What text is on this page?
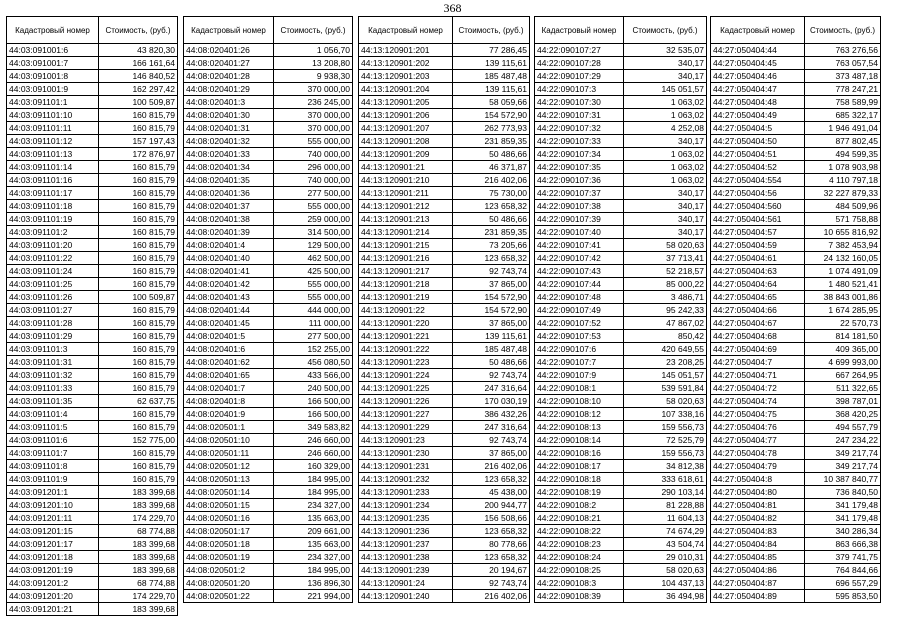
368
Кадастровый номер	Стоимость, (руб.)
44:03:091001:6	43 820,30
44:03:091001:7	166 161,64
44:03:091001:8	146 840,52
44:03:091001:9	162 297,42
44:03:091101:1	100 509,87
44:03:091101:10	160 815,79
44:03:091101:11	160 815,79
44:03:091101:12	157 197,43
44:03:091101:13	172 876,97
44:03:091101:14	160 815,79
44:03:091101:16	160 815,79
44:03:091101:17	160 815,79
44:03:091101:18	160 815,79
44:03:091101:19	160 815,79
44:03:091101:2	160 815,79
44:03:091101:20	160 815,79
44:03:091101:22	160 815,79
44:03:091101:24	160 815,79
44:03:091101:25	160 815,79
44:03:091101:26	100 509,87
44:03:091101:27	160 815,79
44:03:091101:28	160 815,79
44:03:091101:29	160 815,79
44:03:091101:3	160 815,79
44:03:091101:31	160 815,79
44:03:091101:32	160 815,79
44:03:091101:33	160 815,79
44:03:091101:35	62 637,75
44:03:091101:4	160 815,79
44:03:091101:5	160 815,79
44:03:091101:6	152 775,00
44:03:091101:7	160 815,79
44:03:091101:8	160 815,79
44:03:091101:9	160 815,79
44:03:091201:1	183 399,68
44:03:091201:10	183 399,68
44:03:091201:11	174 229,70
44:03:091201:15	68 774,88
44:03:091201:17	183 399,68
44:03:091201:18	183 399,68
44:03:091201:19	183 399,68
44:03:091201:2	68 774,88
44:03:091201:20	174 229,70
44:03:091201:21	183 399,68
Кадастровый номер	Стоимость, (руб.)
44:08:020401:26	1 056,70
44:08:020401:27	13 208,80
44:08:020401:28	9 938,30
44:08:020401:29	370 000,00
44:08:020401:3	236 245,00
44:08:020401:30	370 000,00
44:08:020401:31	370 000,00
44:08:020401:32	555 000,00
44:08:020401:33	740 000,00
44:08:020401:34	296 000,00
44:08:020401:35	740 000,00
44:08:020401:36	277 500,00
44:08:020401:37	555 000,00
44:08:020401:38	259 000,00
44:08:020401:39	314 500,00
44:08:020401:4	129 500,00
44:08:020401:40	462 500,00
44:08:020401:41	425 500,00
44:08:020401:42	555 000,00
44:08:020401:43	555 000,00
44:08:020401:44	444 000,00
44:08:020401:45	111 000,00
44:08:020401:5	277 500,00
44:08:020401:6	152 255,00
44:08:020401:62	456 080,50
44:08:020401:65	433 566,00
44:08:020401:7	240 500,00
44:08:020401:8	166 500,00
44:08:020401:9	166 500,00
44:08:020501:1	349 583,82
44:08:020501:10	246 660,00
44:08:020501:11	246 660,00
44:08:020501:12	160 329,00
44:08:020501:13	184 995,00
44:08:020501:14	184 995,00
44:08:020501:15	234 327,00
44:08:020501:16	135 663,00
44:08:020501:17	209 661,00
44:08:020501:18	135 663,00
44:08:020501:19	234 327,00
44:08:020501:2	184 995,00
44:08:020501:20	136 896,30
44:08:020501:22	221 994,00
Кадастровый номер	Стоимость, (руб.)
44:13:120901:201	77 286,45
44:13:120901:202	139 115,61
44:13:120901:203	185 487,48
44:13:120901:204	139 115,61
44:13:120901:205	58 059,66
44:13:120901:206	154 572,90
44:13:120901:207	262 773,93
44:13:120901:208	231 859,35
44:13:120901:209	50 486,66
44:13:120901:21	46 371,87
44:13:120901:210	216 402,06
44:13:120901:211	75 730,00
44:13:120901:212	123 658,32
44:13:120901:213	50 486,66
44:13:120901:214	231 859,35
44:13:120901:215	73 205,66
44:13:120901:216	123 658,32
44:13:120901:217	92 743,74
44:13:120901:218	37 865,00
44:13:120901:219	154 572,90
44:13:120901:22	154 572,90
44:13:120901:220	37 865,00
44:13:120901:221	139 115,61
44:13:120901:222	185 487,48
44:13:120901:223	50 486,66
44:13:120901:224	92 743,74
44:13:120901:225	247 316,64
44:13:120901:226	170 030,19
44:13:120901:227	386 432,26
44:13:120901:229	247 316,64
44:13:120901:23	92 743,74
44:13:120901:230	37 865,00
44:13:120901:231	216 402,06
44:13:120901:232	123 658,32
44:13:120901:233	45 438,00
44:13:120901:234	200 944,77
44:13:120901:235	156 508,66
44:13:120901:236	123 658,32
44:13:120901:237	80 778,66
44:13:120901:238	123 658,32
44:13:120901:239	20 194,67
44:13:120901:24	92 743,74
44:13:120901:240	216 402,06
Кадастровый номер	Стоимость, (руб.)
44:22:090107:27	32 535,07
44:22:090107:28	340,17
44:22:090107:29	340,17
44:22:090107:3	145 051,57
44:22:090107:30	1 063,02
44:22:090107:31	1 063,02
44:22:090107:32	4 252,08
44:22:090107:33	340,17
44:22:090107:34	1 063,02
44:22:090107:35	1 063,02
44:22:090107:36	1 063,02
44:22:090107:37	340,17
44:22:090107:38	340,17
44:22:090107:39	340,17
44:22:090107:40	340,17
44:22:090107:41	58 020,63
44:22:090107:42	37 713,41
44:22:090107:43	52 218,57
44:22:090107:44	85 000,22
44:22:090107:48	3 486,71
44:22:090107:49	95 242,33
44:22:090107:52	47 867,02
44:22:090107:53	850,42
44:22:090107:6	420 649,55
44:22:090107:7	23 208,25
44:22:090107:9	145 051,57
44:22:090108:1	539 591,84
44:22:090108:10	58 020,63
44:22:090108:12	107 338,16
44:22:090108:13	159 556,73
44:22:090108:14	72 525,79
44:22:090108:16	159 556,73
44:22:090108:17	34 812,38
44:22:090108:18	333 618,61
44:22:090108:19	290 103,14
44:22:090108:2	81 228,88
44:22:090108:21	11 604,13
44:22:090108:22	74 674,29
44:22:090108:23	43 504,74
44:22:090108:24	29 010,31
44:22:090108:25	58 020,63
44:22:090108:3	104 437,13
44:22:090108:39	36 494,98
Кадастровый номер	Стоимость, (руб.)
44:27:050404:44	763 276,56
44:27:050404:45	763 057,54
44:27:050404:46	373 487,18
44:27:050404:47	778 247,21
44:27:050404:48	758 589,99
44:27:050404:49	685 322,17
44:27:050404:5	1 946 491,04
44:27:050404:50	877 802,45
44:27:050404:51	494 599,35
44:27:050404:52	1 078 903,98
44:27:050404:554	4 110 797,18
44:27:050404:56	32 227 879,33
44:27:050404:560	484 509,96
44:27:050404:561	571 758,88
44:27:050404:57	10 655 816,92
44:27:050404:59	7 382 453,94
44:27:050404:61	24 132 160,05
44:27:050404:63	1 074 491,09
44:27:050404:64	1 480 521,41
44:27:050404:65	38 843 001,86
44:27:050404:66	1 674 285,95
44:27:050404:67	22 570,73
44:27:050404:68	814 181,50
44:27:050404:69	409 365,00
44:27:050404:7	4 699 993,00
44:27:050404:71	667 264,95
44:27:050404:72	511 322,65
44:27:050404:74	398 787,01
44:27:050404:75	368 420,25
44:27:050404:76	494 557,79
44:27:050404:77	247 234,22
44:27:050404:78	349 217,74
44:27:050404:79	349 217,74
44:27:050404:8	10 387 840,77
44:27:050404:80	736 840,50
44:27:050404:81	341 179,48
44:27:050404:82	341 179,48
44:27:050404:83	340 286,34
44:27:050404:84	863 666,38
44:27:050404:85	379 741,75
44:27:050404:86	764 844,66
44:27:050404:87	696 557,29
44:27:050404:89	595 853,50
